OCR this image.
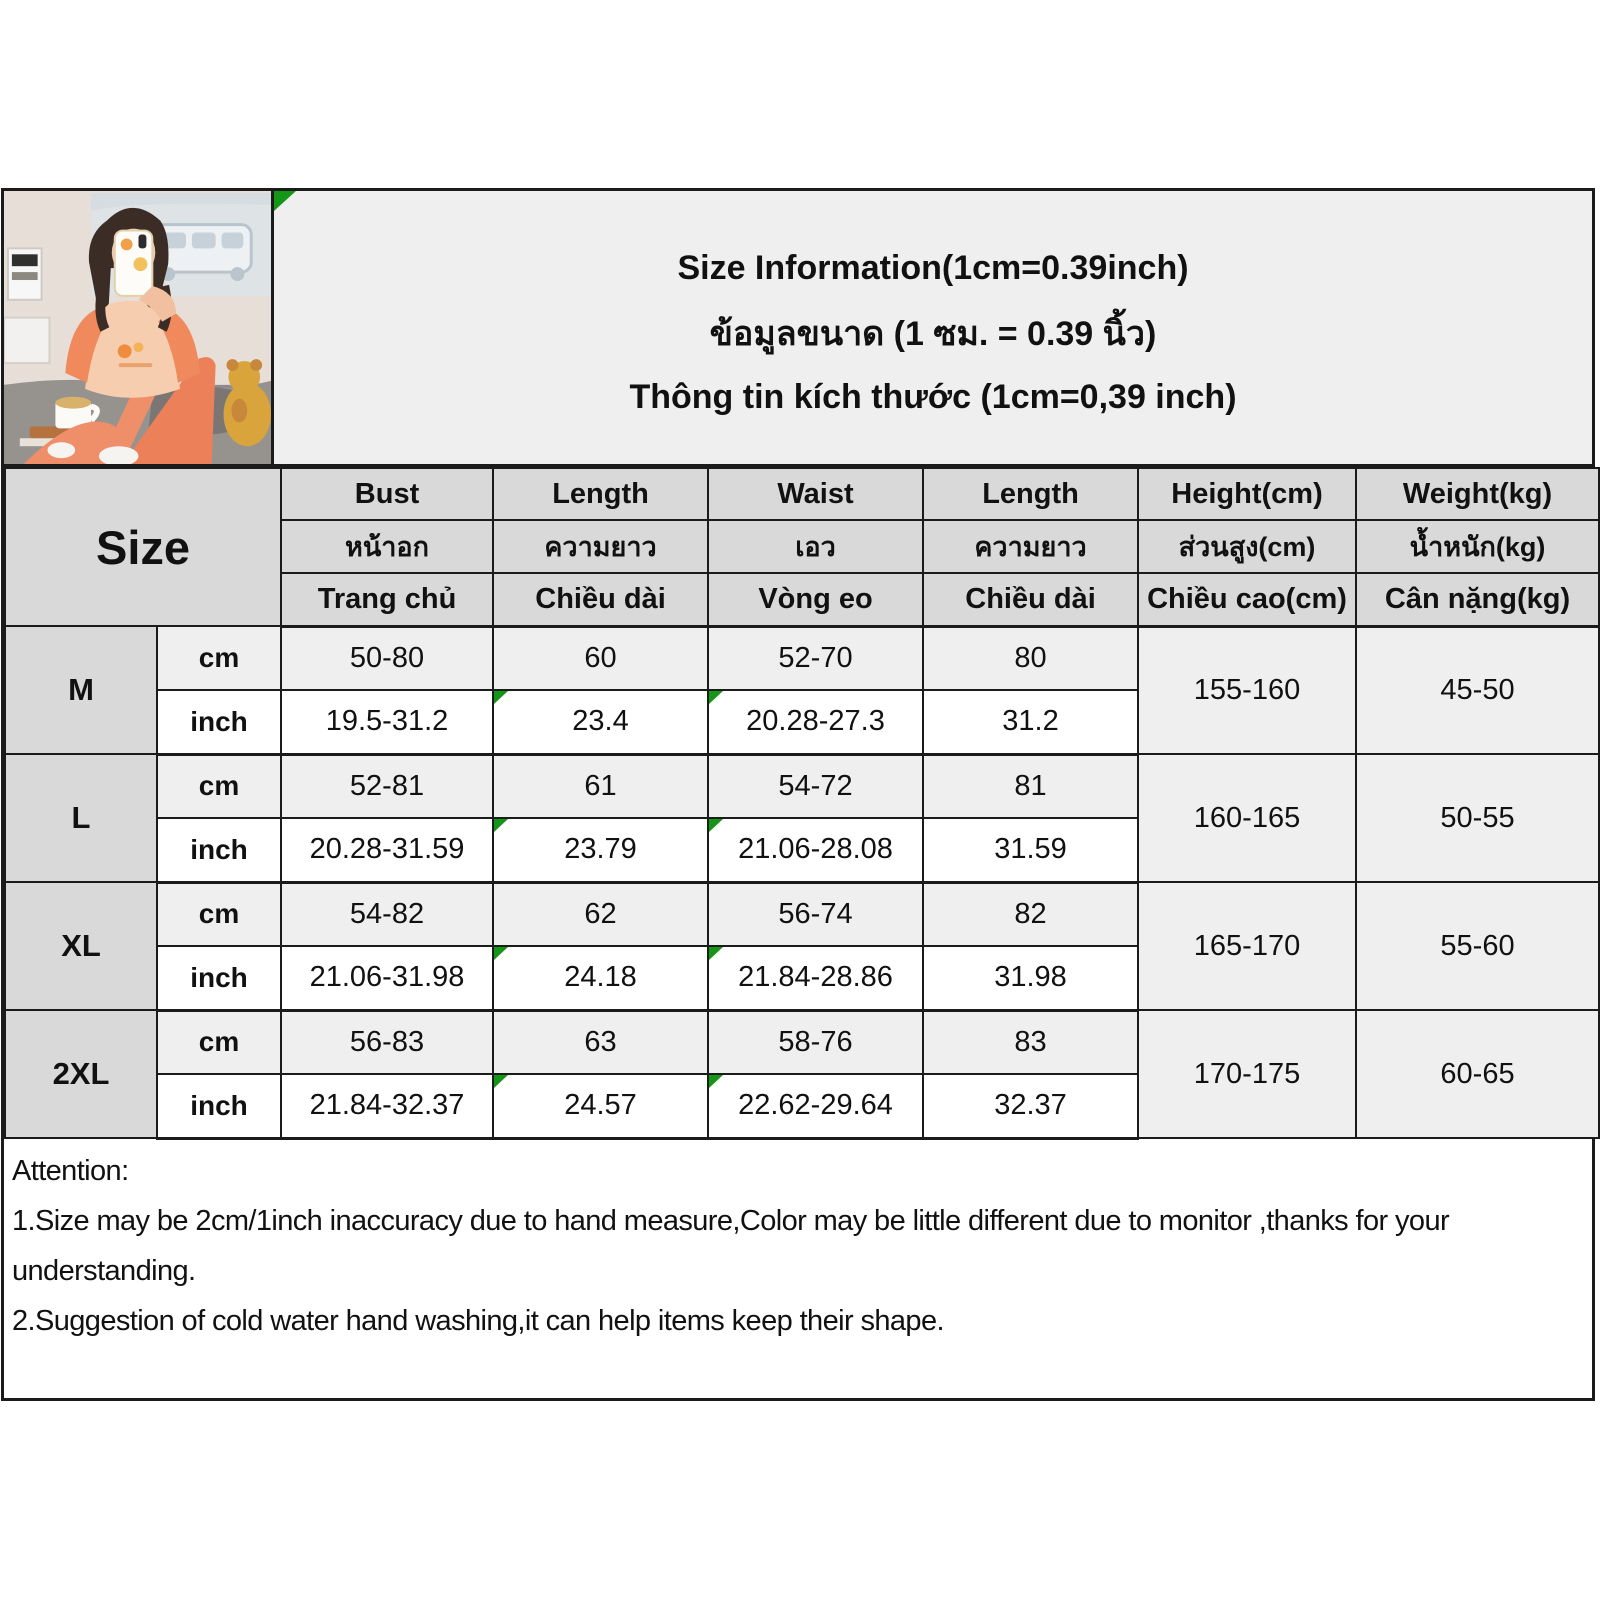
Size Information(1cm=0.39inch)
ข้อมูลขนาด (1 ซม. = 0.39 นิ้ว)
Thông tin kích thước (1cm=0,39 inch)
Size		Bust	Length	Waist	Length	Height(cm)	Weight(kg)
		หน้าอก	ความยาว	เอว	ความยาว	ส่วนสูง(cm)	น้ำหนัก(kg)
		Trang chủ	Chiều dài	Vòng eo	Chiều dài	Chiều cao(cm)	Cân nặng(kg)
M	cm	50-80	60	52-70	80	155-160	45-50
	inch	19.5-31.2	23.4	20.28-27.3	31.2		
L	cm	52-81	61	54-72	81	160-165	50-55
	inch	20.28-31.59	23.79	21.06-28.08	31.59		
XL	cm	54-82	62	56-74	82	165-170	55-60
	inch	21.06-31.98	24.18	21.84-28.86	31.98		
2XL	cm	56-83	63	58-76	83	170-175	60-65
	inch	21.84-32.37	24.57	22.62-29.64	32.37		
Attention:
1.Size may be 2cm/1inch inaccuracy due to hand measure,Color may be little different due to monitor ,thanks for your understanding.
2.Suggestion of cold water hand washing,it can help items keep their shape.
